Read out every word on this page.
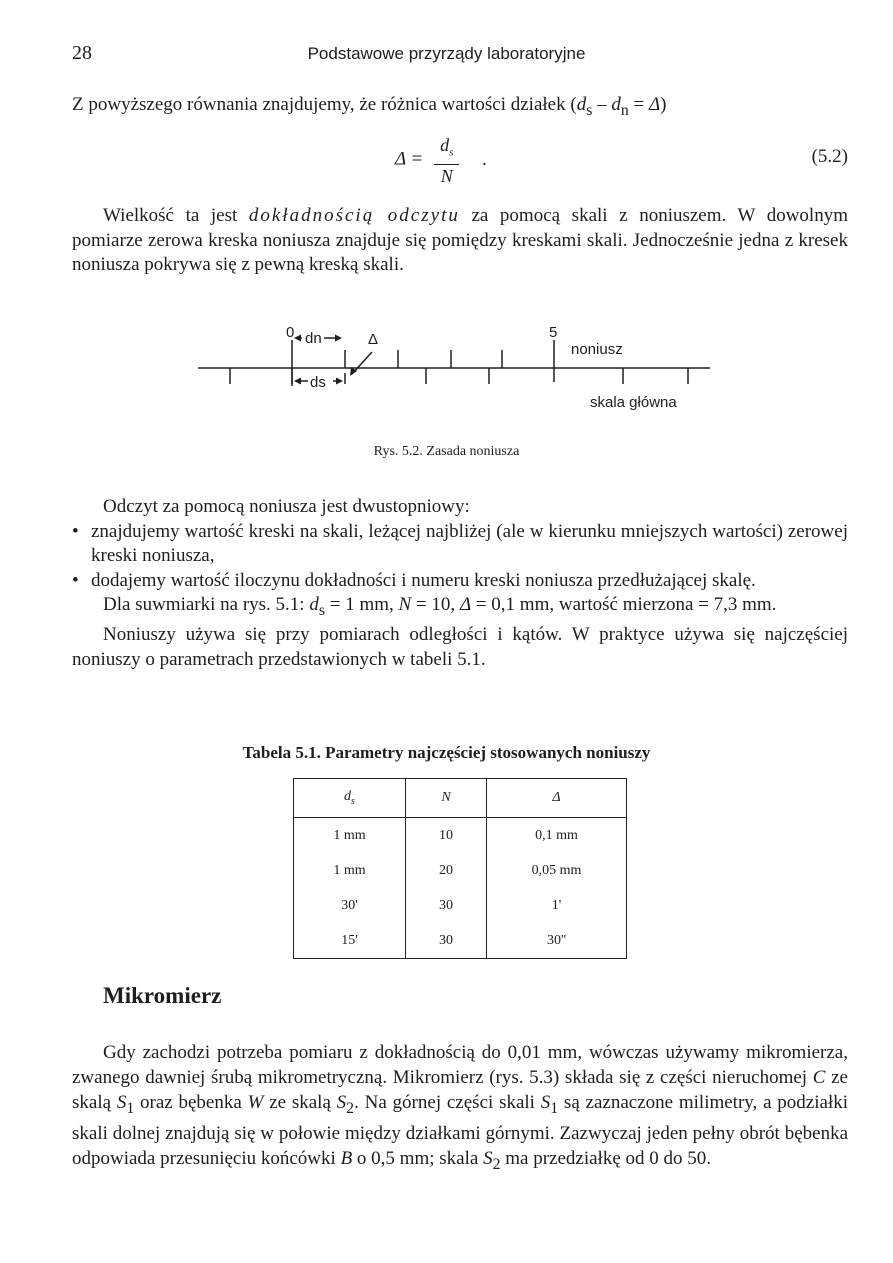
28	Podstawowe przyrządy laboratoryjne
Z powyższego równania znajdujemy, że różnica wartości działek $(d_s - d_n = \Delta)$
$\Delta = \frac{d_s}{N}$ .	(5.2)

Wielkość ta jest dokładnością odczytu za pomocą skali z noniuszem. W dowolnym pomiarze zerowa kreska noniusza znajduje się pomiędzy kreskami skali. Jednocześnie jedna z kresek noniusza pokrywa się z pewną kreską skali.

0 dn	Δ	5
ds
noniusz
skala główna
Rys. 5.2. Zasada noniusza

Odczyt za pomocą noniusza jest dwustopniowy:

• znajdujemy wartość kreski na skali, leżącej najbliżej (ale w kierunku mniejszych wartości) zerowej kreski noniusza,
• dodajemy wartość iloczynu dokładności i numeru kreski noniusza przedłużającej skalę.

Dla suwmiarki na rys. 5.1: $d_s = 1$ mm, N = 10, Δ = 0,1 mm, wartość mierzona = 7,3 mm.

Noniuszy używa się przy pomiarach odległości i kątów. W praktyce używa się najczęściej noniuszy o parametrach przedstawionych w tabeli 5.1.

Tabela 5.1. Parametry najczęściej stosowanych noniuszy
$d_s$	N	Δ
1 mm	10	0,1 mm
1 mm	20	0,05 mm
30'	30	1'
15'	30	30''
Mikromierz

Gdy zachodzi potrzeba pomiaru z dokładnością do 0,01 mm, wówczas używamy mikromierza, zwanego dawniej śrubą mikrometryczną. Mikromierz (rys. 5.3) składa się z części nieruchomej C ze skalą $S_1$ oraz bębenka W ze skalą $S_2$. Na górnej części skali $S_1$ są zaznaczone milimetry, a podziałki skali dolnej znajdują się w połowie między działkami górnymi. Zazwyczaj jeden pełny obrót bębenka odpowiada przesunięciu końcówki B o 0,5 mm; skala $S_2$ ma przedziałkę od 0 do 50.
